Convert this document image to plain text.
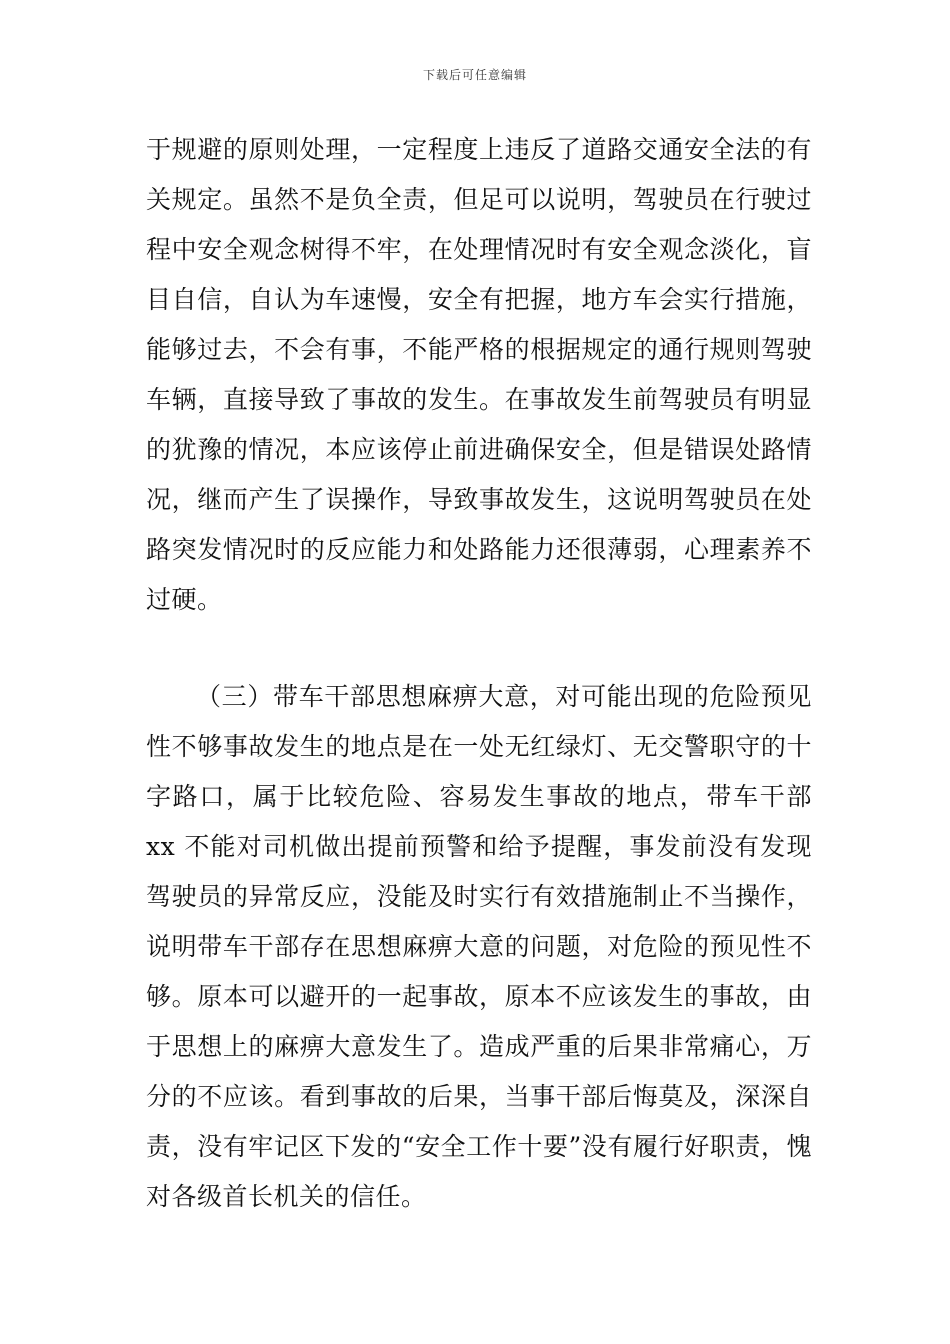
下载后可任意编辑

于规避的原则处理，一定程度上违反了道路交通安全法的有关规定。虽然不是负全责，但足可以说明，驾驶员在行驶过程中安全观念树得不牢，在处理情况时有安全观念淡化，盲目自信，自认为车速慢，安全有把握，地方车会实行措施，能够过去，不会有事，不能严格的根据规定的通行规则驾驶车辆，直接导致了事故的发生。在事故发生前驾驶员有明显的犹豫的情况，本应该停止前进确保安全，但是错误处路情况，继而产生了误操作，导致事故发生，这说明驾驶员在处路突发情况时的反应能力和处路能力还很薄弱，心理素养不过硬。

（三）带车干部思想麻痹大意，对可能出现的危险预见性不够事故发生的地点是在一处无红绿灯、无交警职守的十字路口，属于比较危险、容易发生事故的地点，带车干部 xx 不能对司机做出提前预警和给予提醒，事发前没有发现驾驶员的异常反应，没能及时实行有效措施制止不当操作，说明带车干部存在思想麻痹大意的问题，对危险的预见性不够。原本可以避开的一起事故，原本不应该发生的事故，由于思想上的麻痹大意发生了。造成严重的后果非常痛心，万分的不应该。看到事故的后果，当事干部后悔莫及，深深自责，没有牢记区下发的“安全工作十要”没有履行好职责，愧对各级首长机关的信任。
